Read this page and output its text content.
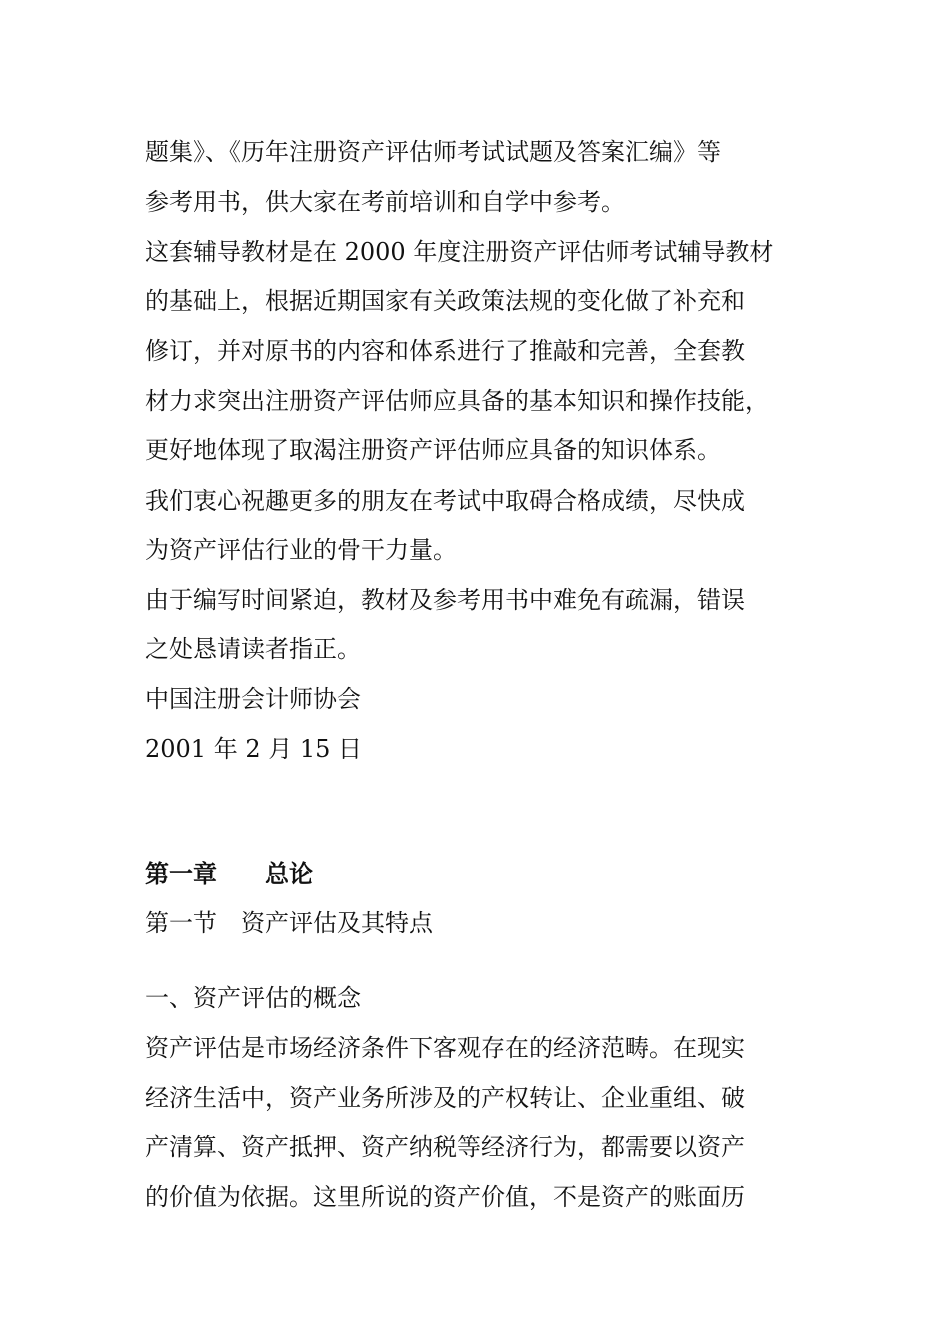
题集》、《历年注册资产评估师考试试题及答案汇编》等
参考用书，供大家在考前培训和自学中参考。
这套辅导教材是在 2000 年度注册资产评估师考试辅导教材
的基础上，根据近期国家有关政策法规的变化做了补充和
修订，并对原书的内容和体系进行了推敲和完善，全套教
材力求突出注册资产评估师应具备的基本知识和操作技能，
更好地体现了取渴注册资产评估师应具备的知识体系。
我们衷心祝趣更多的朋友在考试中取碍合格成绩，尽快成
为资产评估行业的骨干力量。
由于编写时间紧迫，教材及参考用书中难免有疏漏，错误
之处恳请读者指正。
中国注册会计师协会
2001 年 2 月 15 日
第一章　　总论
第一节　资产评估及其特点
一、资产评估的概念
资产评估是市场经济条件下客观存在的经济范畴。在现实
经济生活中，资产业务所涉及的产权转让、企业重组、破
产清算、资产抵押、资产纳税等经济行为，都需要以资产
的价值为依据。这里所说的资产价值，不是资产的账面历
